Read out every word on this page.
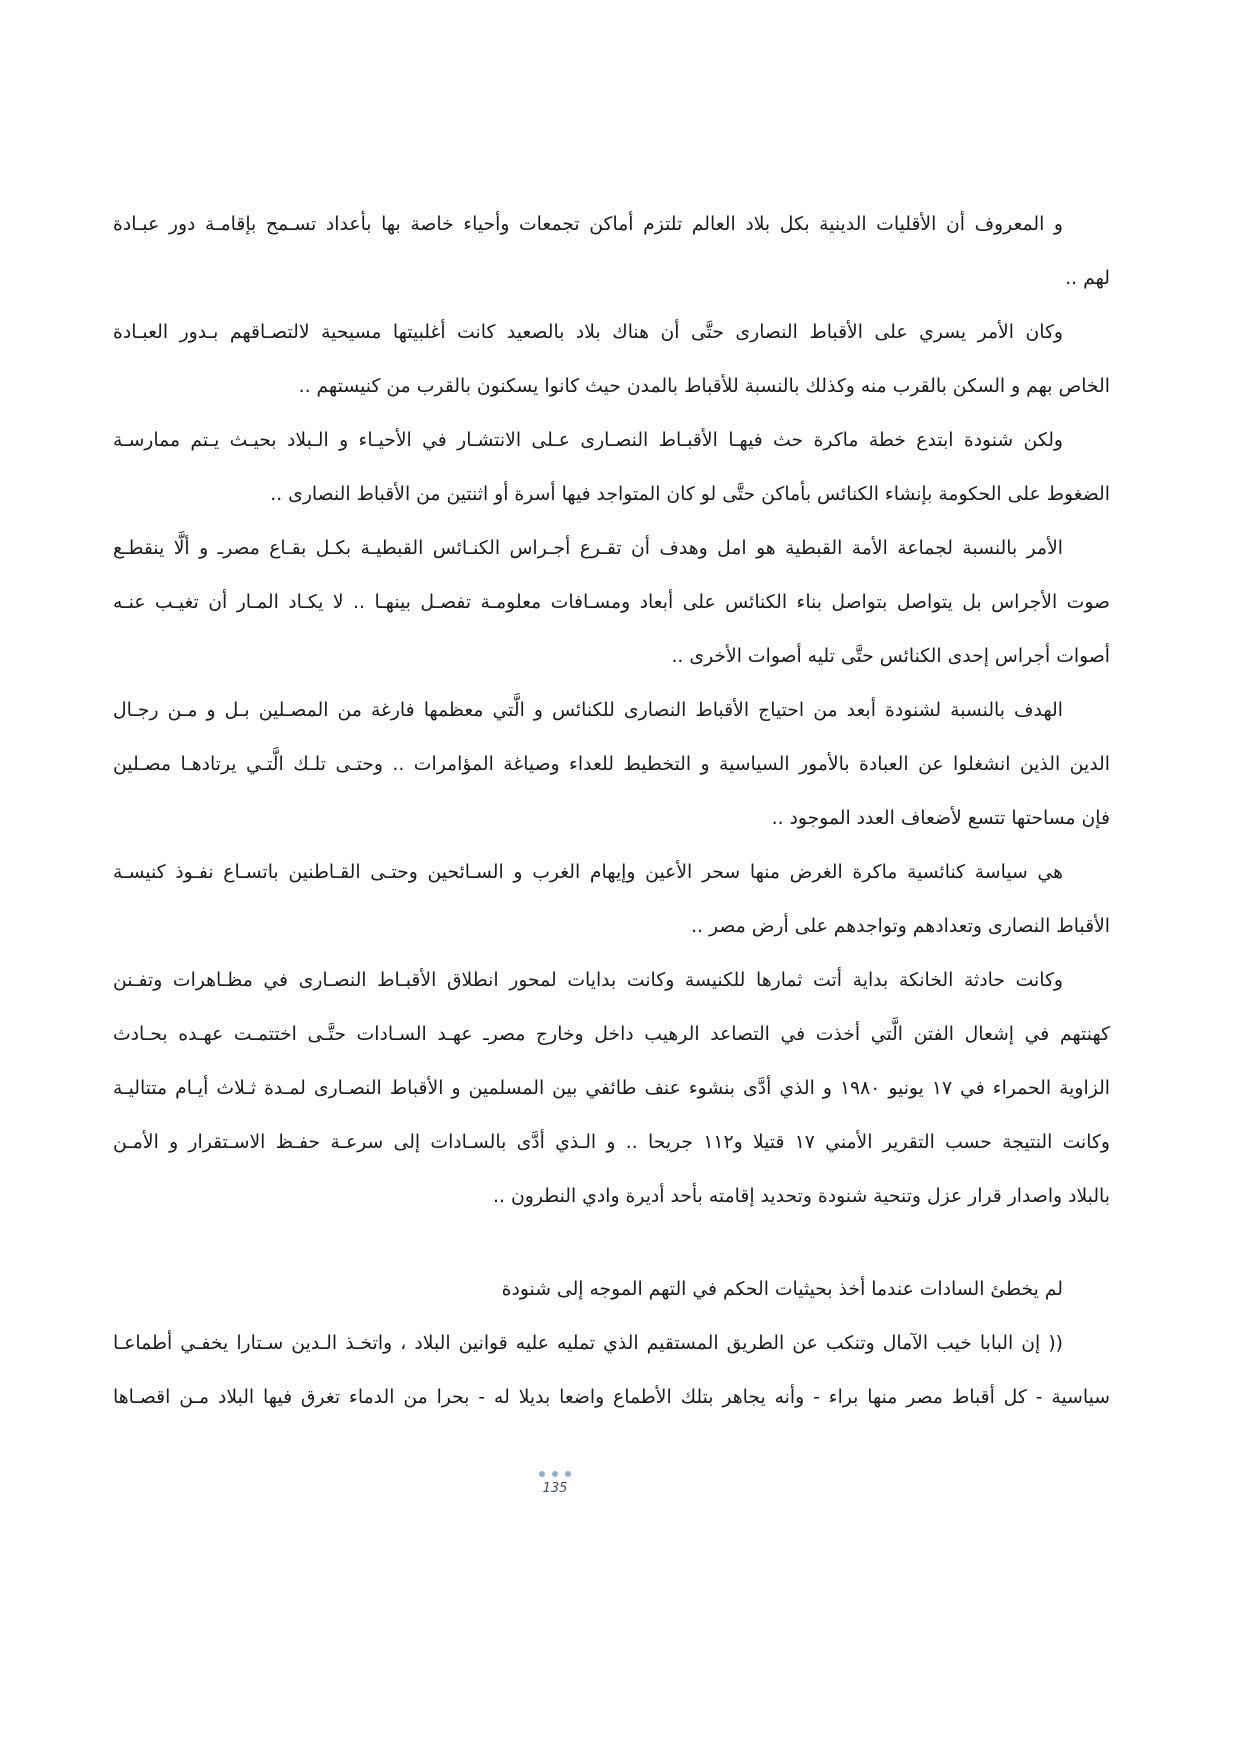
و المعروف أن الأقليات الدينية بكل بلاد العالم تلتزم أماكن تجمعات وأحياء خاصة بها بأعداد تسـمح بإقامـة دور عبـادة
لهم ..
وكان الأمر يسري على الأقباط النصارى حتَّى أن هناك بلاد بالصعيد كانت أغلبيتها مسيحية لالتصـاقهم بـدور العبـادة
الخاص بهم و السكن بالقرب منه وكذلك بالنسبة للأقباط بالمدن حيث كانوا يسكنون بالقرب من كنيستهم ..
ولكن شنودة ابتدع خطة ماكرة حث فيهـا الأقبـاط النصـارى عـلى الانتشـار في الأحيـاء و الـبلاد بحيـث يـتم ممارسـة
الضغوط على الحكومة بإنشاء الكنائس بأماكن حتَّى لو كان المتواجد فيها أسرة أو اثنتين من الأقباط النصارى ..
الأمر بالنسبة لجماعة الأمة القبطية هو امل وهدف أن تقـرع أجـراس الكنـائس القبطيـة بكـل بقـاع مصرـ و ألَّا ينقطـع
صوت الأجراس بل يتواصل بتواصل بناء الكنائس على أبعاد ومسـافات معلومـة تفصـل بينهـا .. لا يكـاد المـار أن تغيـب عنـه
أصوات أجراس إحدى الكنائس حتَّى تليه أصوات الأخرى ..
الهدف بالنسبة لشنودة أبعد من احتياج الأقباط النصارى للكنائس و الَّتي معظمها فارغة من المصـلين بـل و مـن رجـال
الدين الذين انشغلوا عن العبادة بالأمور السياسية و التخطيط للعداء وصياغة المؤامرات .. وحتـى تلـك الَّتـي يرتادهـا مصـلين
فإن مساحتها تتسع لأضعاف العدد الموجود ..
هي سياسة كنائسية ماكرة الغرض منها سحر الأعين وإيهام الغرب و السـائحين وحتـى القـاطنين باتسـاع نفـوذ كنيسـة
الأقباط النصارى وتعدادهم وتواجدهم على أرض مصر ..
وكانت حادثة الخانكة بداية أتت ثمارها للكنيسة وكانت بدايات لمحور انطلاق الأقبـاط النصـارى في مظـاهرات وتفـنن
كهنتهم في إشعال الفتن الَّتي أخذت في التصاعد الرهيب داخل وخارج مصرـ عهـد السـادات حتَّـى اختتمـت عهـده بحـادث
الزاوية الحمراء في ١٧ يونيو ١٩٨٠ و الذي أدَّى بنشوء عنف طائفي بين المسلمين و الأقباط النصـارى لمـدة ثـلاث أيـام متتاليـة
وكانت النتيجة حسب التقرير الأمني ١٧ قتيلا و١١٢ جريحا .. و الـذي أدَّى بالسـادات إلى سرعـة حفـظ الاسـتقرار و الأمـن
بالبلاد واصدار قرار عزل وتنحية شنودة وتحديد إقامته بأحد أديرة وادي النطرون ..
لم يخطئ السادات عندما أخذ بحيثيات الحكم في التهم الموجه إلى شنودة
(( إن البابا خيب الآمال وتنكب عن الطريق المستقيم الذي تمليه عليه قوانين البلاد ، واتخـذ الـدين سـتارا يخفـي أطماعـا
سياسية - كل أقباط مصر منها براء - وأنه يجاهر بتلك الأطماع واضعا بديلا له - بحرا من الدماء تغرق فيها البلاد مـن اقصـاها
135
